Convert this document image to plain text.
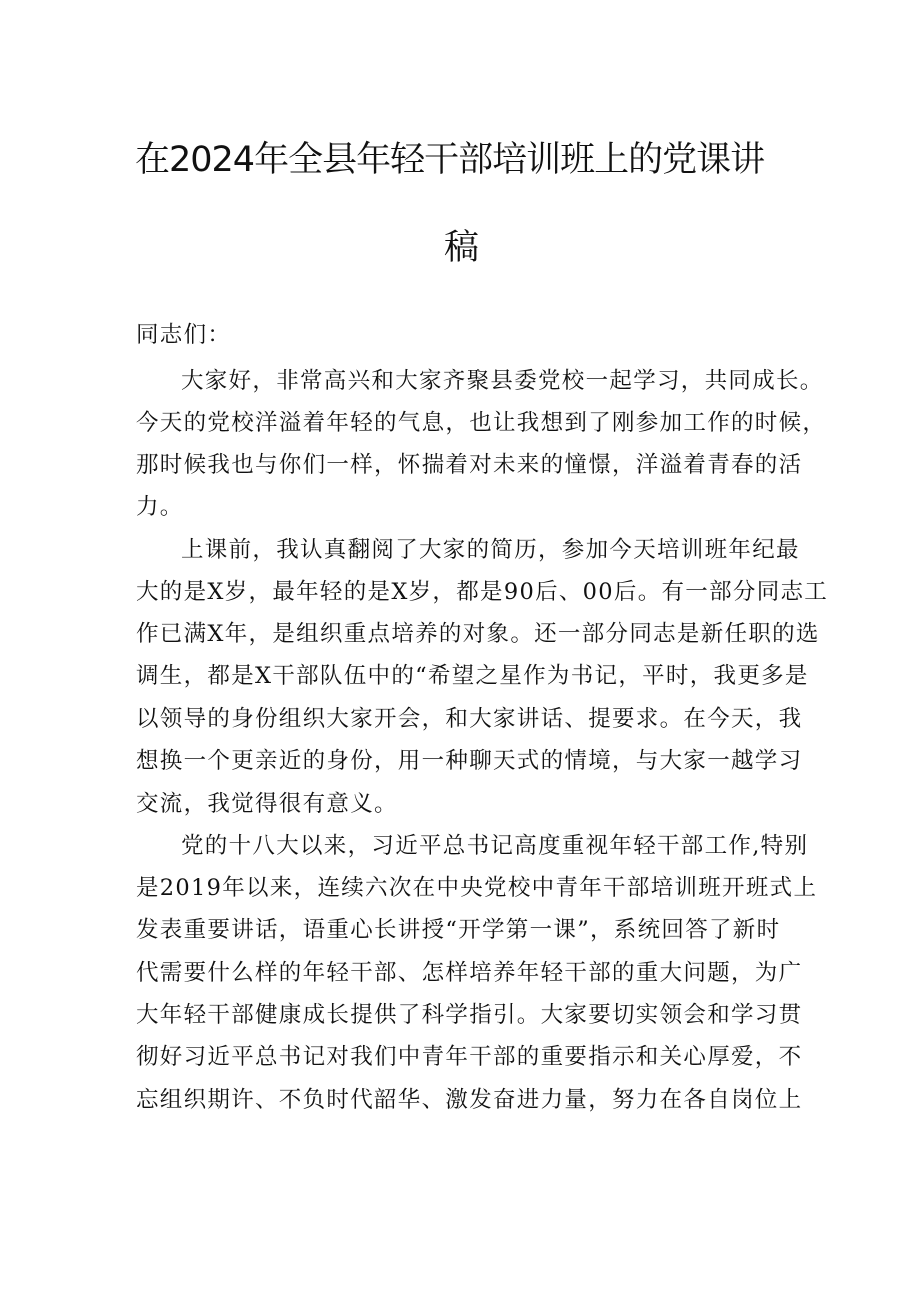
在2024年全县年轻干部培训班上的党课讲
稿
同志们：
大家好，非常高兴和大家齐聚县委党校一起学习，共同成长。
今天的党校洋溢着年轻的气息，也让我想到了刚参加工作的时候，
那时候我也与你们一样，怀揣着对未来的憧憬，洋溢着青春的活
力。
上课前，我认真翻阅了大家的简历，参加今天培训班年纪最
大的是X岁，最年轻的是X岁，都是90后、00后。有一部分同志工
作已满X年，是组织重点培养的对象。还一部分同志是新任职的选
调生，都是X干部队伍中的“希望之星作为书记，平时，我更多是
以领导的身份组织大家开会，和大家讲话、提要求。在今天，我
想换一个更亲近的身份，用一种聊天式的情境，与大家一越学习
交流，我觉得很有意义。
党的十八大以来，习近平总书记高度重视年轻干部工作,特别
是2019年以来，连续六次在中央党校中青年干部培训班开班式上
发表重要讲话，语重心长讲授“开学第一课”，系统回答了新时
代需要什么样的年轻干部、怎样培养年轻干部的重大问题，为广
大年轻干部健康成长提供了科学指引。大家要切实领会和学习贯
彻好习近平总书记对我们中青年干部的重要指示和关心厚爱，不
忘组织期许、不负时代韶华、激发奋进力量，努力在各自岗位上
